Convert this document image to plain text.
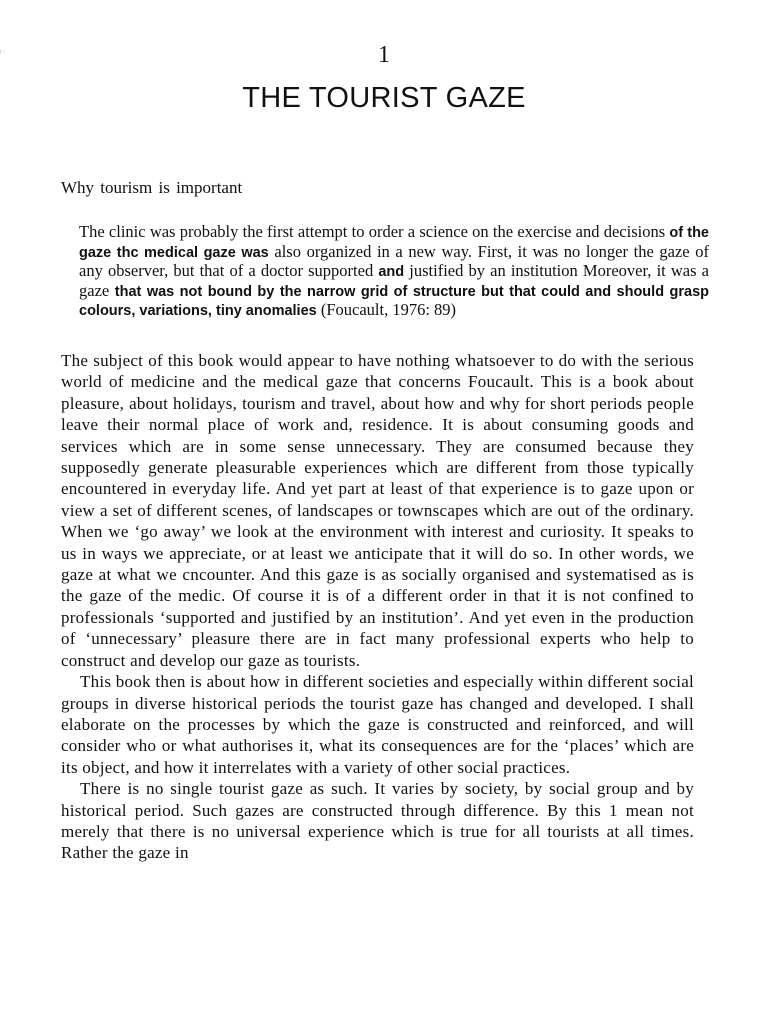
: ·	1
THE TOURIST GAZE
Why tourism is important
The clinic was probably the first attempt to order a science on the exercise and decisions of the gaze thc medical gaze was also organized in a new way. First, it was no longer the gaze of any observer, but that of a doctor supported and justified by an institution Moreover, it was a gaze that was not bound by the narrow grid of structure but that could and should grasp colours, variations, tiny anomalies (Foucault, 1976: 89)

The subject of this book would appear to have nothing whatsoever to do with the serious world of medicine and the medical gaze that concerns Foucault. This is a book about pleasure, about holidays, tourism and travel, about how and why for short periods people leave their normal place of work and, residence. It is about consuming goods and services which are in some sense unnecessary. They are consumed because they supposedly generate pleasurable experiences which are different from those typically encountered in everyday life. And yet part at least of that experience is to gaze upon or view a set of different scenes, of landscapes or townscapes which are out of the ordinary. When we ‘go away’ we look at the environment with interest and curiosity. It speaks to us in ways we appreciate, or at least we anticipate that it will do so. In other words, we gaze at what we cncounter. And this gaze is as socially organised and systematised as is the gaze of the medic. Of course it is of a different order in that it is not confined to professionals ‘supported and justified by an institution’. And yet even in the production of ‘unnecessary’ pleasure there are in fact many professional experts who help to construct and develop our gaze as tourists.

This book then is about how in different societies and especially within different social groups in diverse historical periods the tourist gaze has changed and developed. I shall elaborate on the processes by which the gaze is constructed and reinforced, and will consider who or what authorises it, what its consequences are for the ‘places’ which are its object, and how it interrelates with a variety of other social practices.

There is no single tourist gaze as such. It varies by society, by social group and by historical period. Such gazes are constructed through difference. By this 1 mean not merely that there is no universal experience which is true for all tourists at all times. Rather the gaze in
